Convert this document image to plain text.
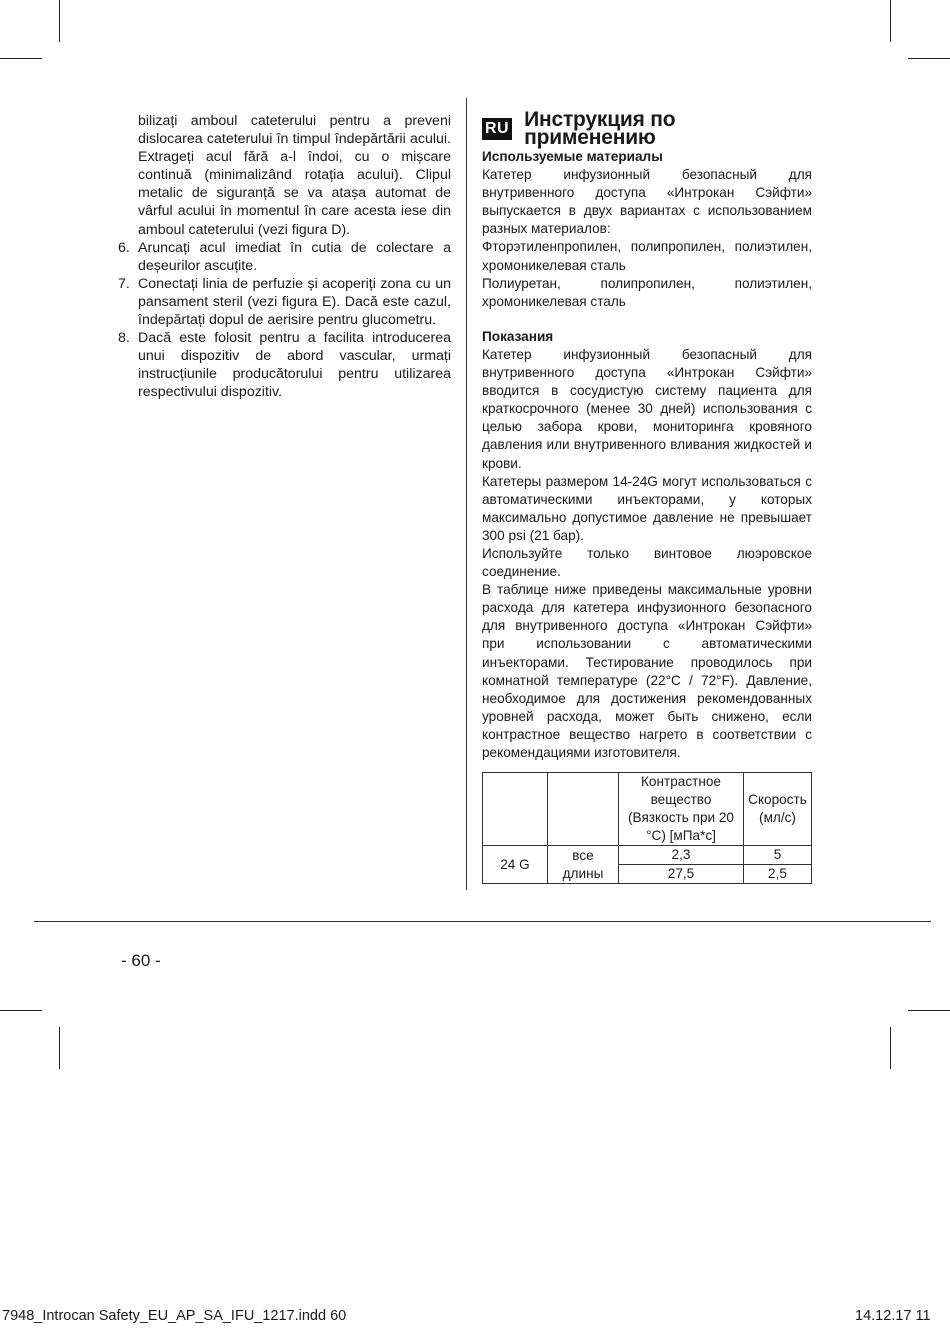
bilizați amboul cateterului pentru a preveni dislocarea cateterului în timpul îndepărtării acului. Extrageți acul fără a-l îndoi, cu o mișcare continuă (minimalizând rotația acului). Clipul metalic de siguranță se va atașa automat de vârful acului în momentul în care acesta iese din amboul cateterului (vezi figura D).

6. Aruncați acul imediat în cutia de colectare a deșeurilor ascuțite.
7. Conectați linia de perfuzie și acoperiți zona cu un pansament steril (vezi figura E). Dacă este cazul, îndepărtați dopul de aerisire pentru glucometru.
8. Dacă este folosit pentru a facilita introducerea unui dispozitiv de abord vascular, urmați instrucțiunile producătorului pentru utilizarea respectivului dispozitiv.
RU Инструкция по применению

Используемые материалы

Катетер инфузионный безопасный для внутривенного доступа «Интрокан Сэйфти» выпускается в двух вариантах с использованием разных материалов:

Фторэтиленпропилен, полипропилен, полиэтилен, хромоникелевая сталь

Полиуретан, полипропилен, полиэтилен, хромоникелевая сталь

Показания

Катетер инфузионный безопасный для внутривенного доступа «Интрокан Сэйфти» вводится в сосудистую систему пациента для краткосрочного (менее 30 дней) использования с целью забора крови, мониторинга кровяного давления или внутривенного вливания жидкостей и крови.

Катетеры размером 14-24G могут использоваться с автоматическими инъекторами, у которых максимально допустимое давление не превышает 300 psi (21 бар).

Используйте только винтовое люэровское соединение.

В таблице ниже приведены максимальные уровни расхода для катетера инфузионного безопасного для внутривенного доступа «Интрокан Сэйфти» при использовании с автоматическими инъекторами. Тестирование проводилось при комнатной температуре (22°C / 72°F). Давление, необходимое для достижения рекомендованных уровней расхода, может быть снижено, если контрастное вещество нагрето в соответствии с рекомендациями изготовителя.

		Контрастное вещество (Вязкость при 20 °C) [мПа*с]	Скорость (мл/с)
24 G	все длины	2,3	5
		27,5	2,5
- 60 -
7948_Introcan Safety_EU_AP_SA_IFU_1217.indd 60	14.12.17 11
